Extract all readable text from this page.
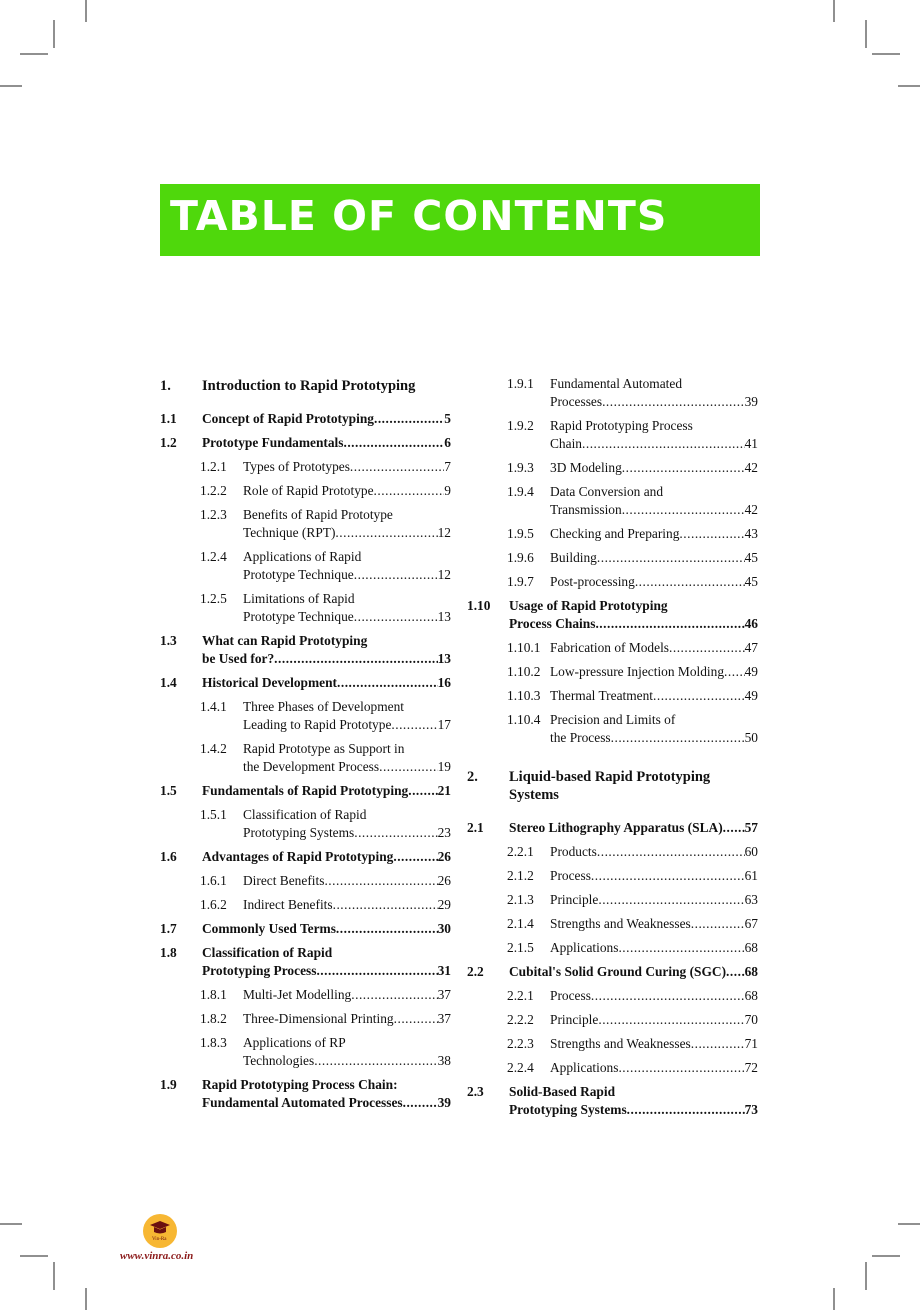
TABLE OF CONTENTS
1.	Introduction to Rapid Prototyping
1.1	Concept of Rapid Prototyping .....	5
1.2	Prototype Fundamentals .....	6
1.2.1	Types of Prototypes .....	7
1.2.2	Role of Rapid Prototype .....	9
1.2.3	Benefits of Rapid Prototype
Technique (RPT) .....	12
1.2.4	Applications of Rapid
Prototype Technique .....	12
1.2.5	Limitations of Rapid
Prototype Technique .....	13
1.3	What can Rapid Prototyping
be Used for? .....	13
1.4	Historical Development .....	16
1.4.1	Three Phases of Development
Leading to Rapid Prototype .....	17
1.4.2	Rapid Prototype as Support in
the Development Process .....	19
1.5	Fundamentals of Rapid Prototyping ..... 21
1.5.1	Classification of Rapid
Prototyping Systems .....	23
1.6	Advantages of Rapid Prototyping .....	26
1.6.1	Direct Benefits .....	26
1.6.2	Indirect Benefits .....	29
1.7	Commonly Used Terms .....	30
1.8	Classification of Rapid
Prototyping Process .....	31
1.8.1	Multi-Jet Modelling .....	37
1.8.2	Three-Dimensional Printing .....	37
1.8.3	Applications of RP
Technologies .....	38
1.9	Rapid Prototyping Process Chain:
Fundamental Automated Processes .....	39
1.9.1	Fundamental Automated
Processes .....	39
1.9.2	Rapid Prototyping Process
Chain .....	41
1.9.3	3D Modeling .....	42
1.9.4	Data Conversion and
Transmission .....	42
1.9.5	Checking and Preparing .....	43
1.9.6	Building .....	45
1.9.7	Post-processing .....	45
1.10	Usage of Rapid Prototyping
Process Chains .....	46
1.10.1 Fabrication of Models .....	47
1.10.2 Low-pressure Injection Molding ..... 49
1.10.3 Thermal Treatment .....	49
1.10.4 Precision and Limits of
the Process .....	50
2.	Liquid-based Rapid Prototyping
Systems
2.1	Stereo Lithography Apparatus (SLA) ..... 57
2.2.1	Products .....	60
2.1.2	Process .....	61
2.1.3	Principle .....	63
2.1.4	Strengths and Weaknesses .....	67
2.1.5	Applications .....	68
2.2	Cubital's Solid Ground Curing (SGC) ..... 68
2.2.1	Process .....	68
2.2.2	Principle .....	70
2.2.3	Strengths and Weaknesses .....	71
2.2.4	Applications .....	72
2.3	Solid-Based Rapid
Prototyping Systems .....	73
Vin-Ra
www.vinra.co.in
